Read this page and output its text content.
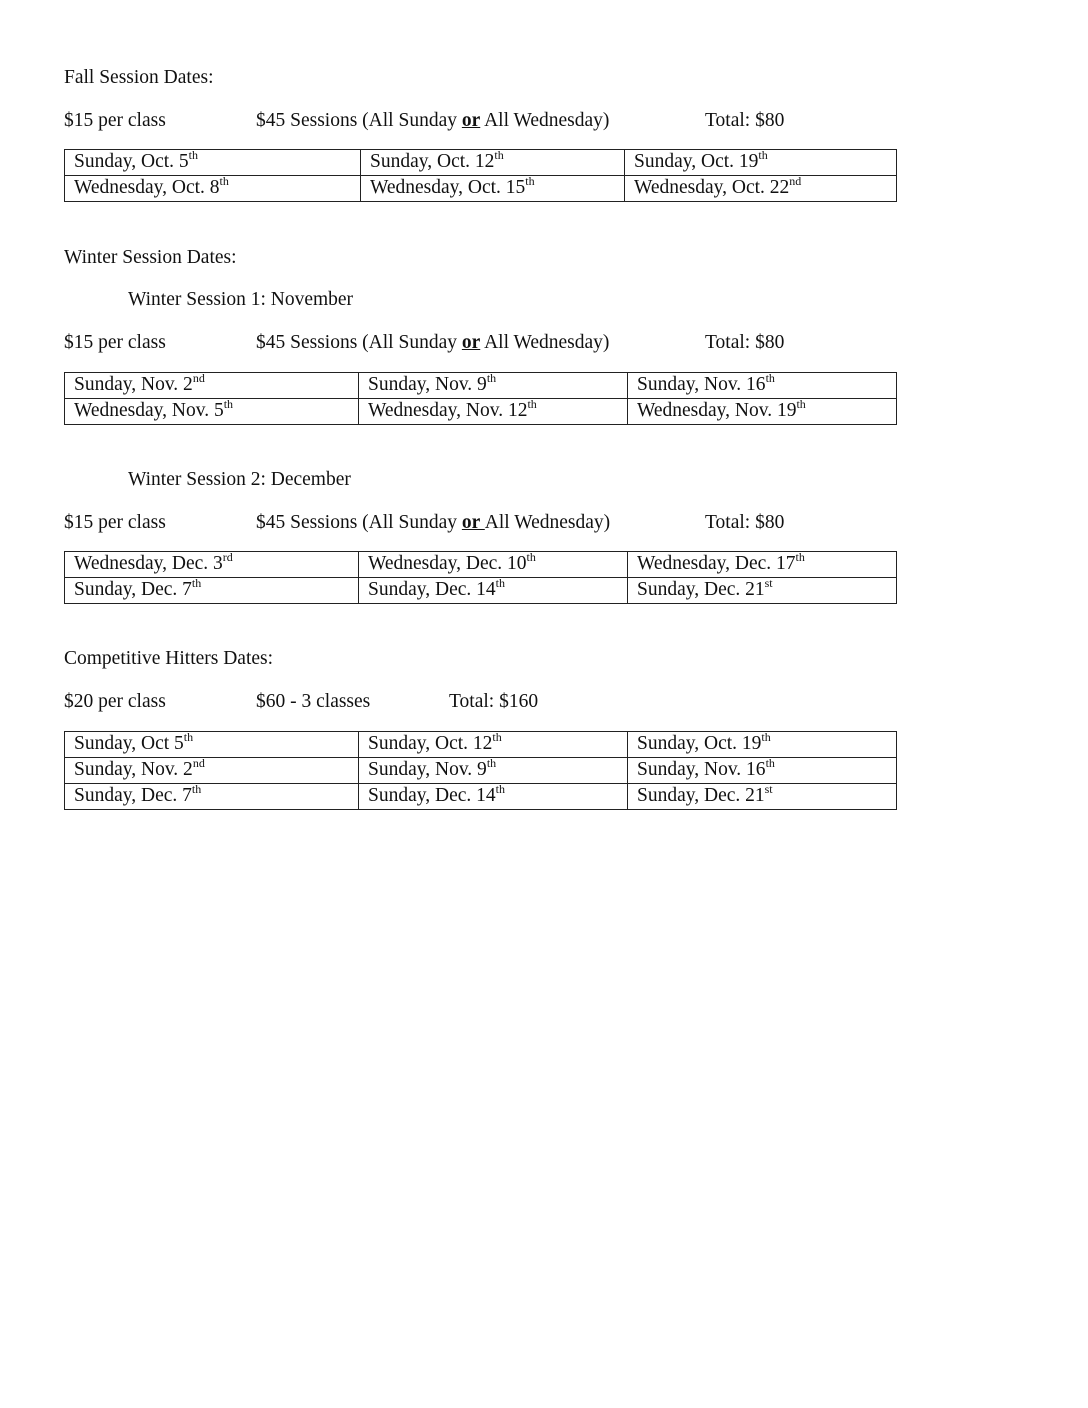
Fall Session Dates:
$15 per class	$45 Sessions (All Sunday or All Wednesday)	Total: $80
Sunday, Oct. 5th	Sunday, Oct. 12th	Sunday, Oct. 19th
Wednesday, Oct. 8th	Wednesday, Oct. 15th	Wednesday, Oct. 22nd
Winter Session Dates:
Winter Session 1: November
$15 per class	$45 Sessions (All Sunday or All Wednesday)	Total: $80
Sunday, Nov. 2nd	Sunday, Nov. 9th	Sunday, Nov. 16th
Wednesday, Nov. 5th	Wednesday, Nov. 12th	Wednesday, Nov. 19th
Winter Session 2: December
$15 per class	$45 Sessions (All Sunday or All Wednesday)	Total: $80
Wednesday, Dec. 3rd	Wednesday, Dec. 10th	Wednesday, Dec. 17th
Sunday, Dec. 7th	Sunday, Dec. 14th	Sunday, Dec. 21st
Competitive Hitters Dates:
$20 per class	$60 - 3 classes	Total: $160
Sunday, Oct 5th	Sunday, Oct. 12th	Sunday, Oct. 19th
Sunday, Nov. 2nd	Sunday, Nov. 9th	Sunday, Nov. 16th
Sunday, Dec. 7th	Sunday, Dec. 14th	Sunday, Dec. 21st
